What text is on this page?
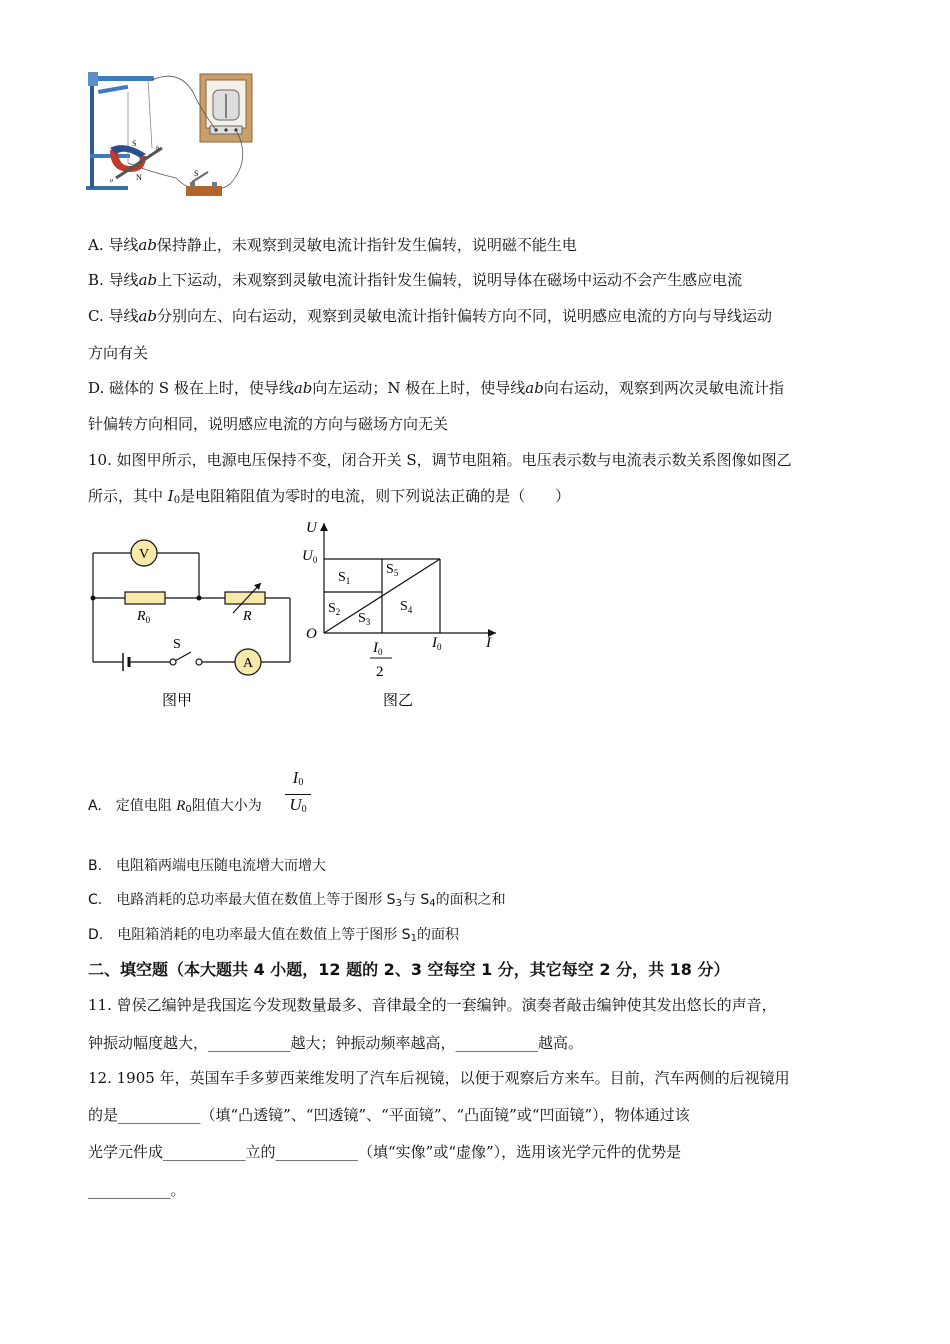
S
N
a
b
S
A. 导线ab保持静止，未观察到灵敏电流计指针发生偏转，说明磁不能生电
B. 导线ab上下运动，未观察到灵敏电流计指针发生偏转，说明导体在磁场中运动不会产生感应电流
C. 导线ab分别向左、向右运动，观察到灵敏电流计指针偏转方向不同，说明感应电流的方向与导线运动
方向有关
D. 磁体的 S 极在上时，使导线ab向左运动；N 极在上时，使导线ab向右运动，观察到两次灵敏电流计指
针偏转方向相同，说明感应电流的方向与磁场方向无关
10. 如图甲所示，电源电压保持不变，闭合开关 S，调节电阻箱。电压表示数与电流表示数关系图像如图乙
所示，其中 $I_0$是电阻箱阻值为零时的电流，则下列说法正确的是（　　）
V
$R_0$	R
S
A
图甲
U
I
O
$U_0$
$I_0$
$I_0$
2
$S_1$
$S_2$ $S_3$
$S_4$
$S_5$
图乙
A.　定值电阻 $R_0$阻值大小为 $\frac{I_0}{U_0}$
B.　电阻箱两端电压随电流增大而增大
C.　电路消耗的总功率最大值在数值上等于图形 $S_3$与 $S_4$的面积之和
D.　电阻箱消耗的电功率最大值在数值上等于图形 $S_1$的面积
二、填空题（本大题共 4 小题，12 题的 2、3 空每空 1 分，其它每空 2 分，共 18 分）
11. 曾侯乙编钟是我国迄今发现数量最多、音律最全的一套编钟。演奏者敲击编钟使其发出悠长的声音，
钟振动幅度越大，___________越大；钟振动频率越高，___________越高。
12. 1905 年，英国车手多萝西莱维发明了汽车后视镜，以便于观察后方来车。目前，汽车两侧的后视镜用
的是___________（填“凸透镜”、“凹透镜”、“平面镜”、“凸面镜”或“凹面镜”），物体通过该
光学元件成___________立的___________（填“实像”或“虚像”），选用该光学元件的优势是
___________。
